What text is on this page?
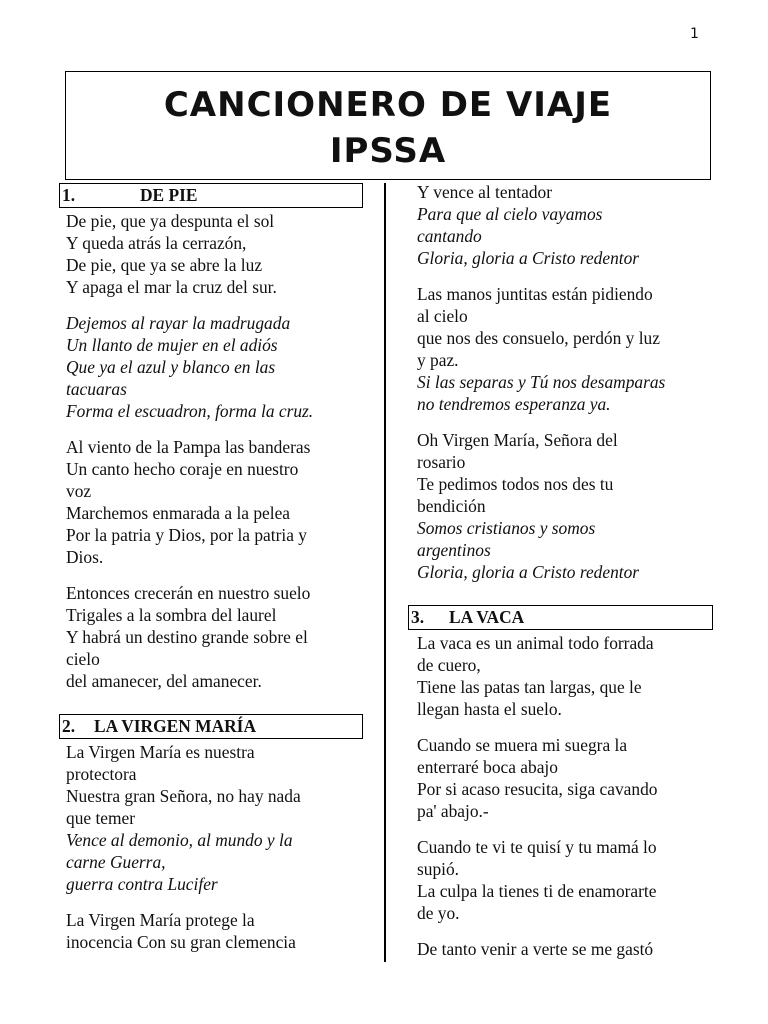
1
CANCIONERO DE VIAJE
IPSSA
1.	DE PIE
De pie, que ya despunta el sol
Y queda atrás la cerrazón,
De pie, que ya se abre la luz
Y apaga el mar la cruz del sur.
Dejemos al rayar la madrugada
Un llanto de mujer en el adiós
Que ya el azul y blanco en las
tacuaras
Forma el escuadron, forma la cruz.
Al viento de la Pampa las banderas
Un canto hecho coraje en nuestro
voz
Marchemos enmarada a la pelea
Por la patria y Dios, por la patria y
Dios.
Entonces crecerán en nuestro suelo
Trigales a la sombra del laurel
Y habrá un destino grande sobre el
cielo
del amanecer, del amanecer.
2. LA VIRGEN MARÍA
La Virgen María es nuestra
protectora
Nuestra gran Señora, no hay nada
que temer
Vence al demonio, al mundo y la
carne Guerra,
guerra contra Lucifer
La Virgen María protege la
inocencia Con su gran clemencia
Y vence al tentador
Para que al cielo vayamos
cantando
Gloria, gloria a Cristo redentor
Las manos juntitas están pidiendo
al cielo
que nos des consuelo, perdón y luz
y paz.
Si las separas y Tú nos desamparas
no tendremos esperanza ya.
Oh Virgen María, Señora del
rosario
Te pedimos todos nos des tu
bendición
Somos cristianos y somos
argentinos
Gloria, gloria a Cristo redentor
3. LA VACA
La vaca es un animal todo forrada
de cuero,
Tiene las patas tan largas, que le
llegan hasta el suelo.
Cuando se muera mi suegra la
enterraré boca abajo
Por si acaso resucita, siga cavando
pa' abajo.-
Cuando te vi te quisí y tu mamá lo
supió.
La culpa la tienes ti de enamorarte
de yo.
De tanto venir a verte se me gastó
